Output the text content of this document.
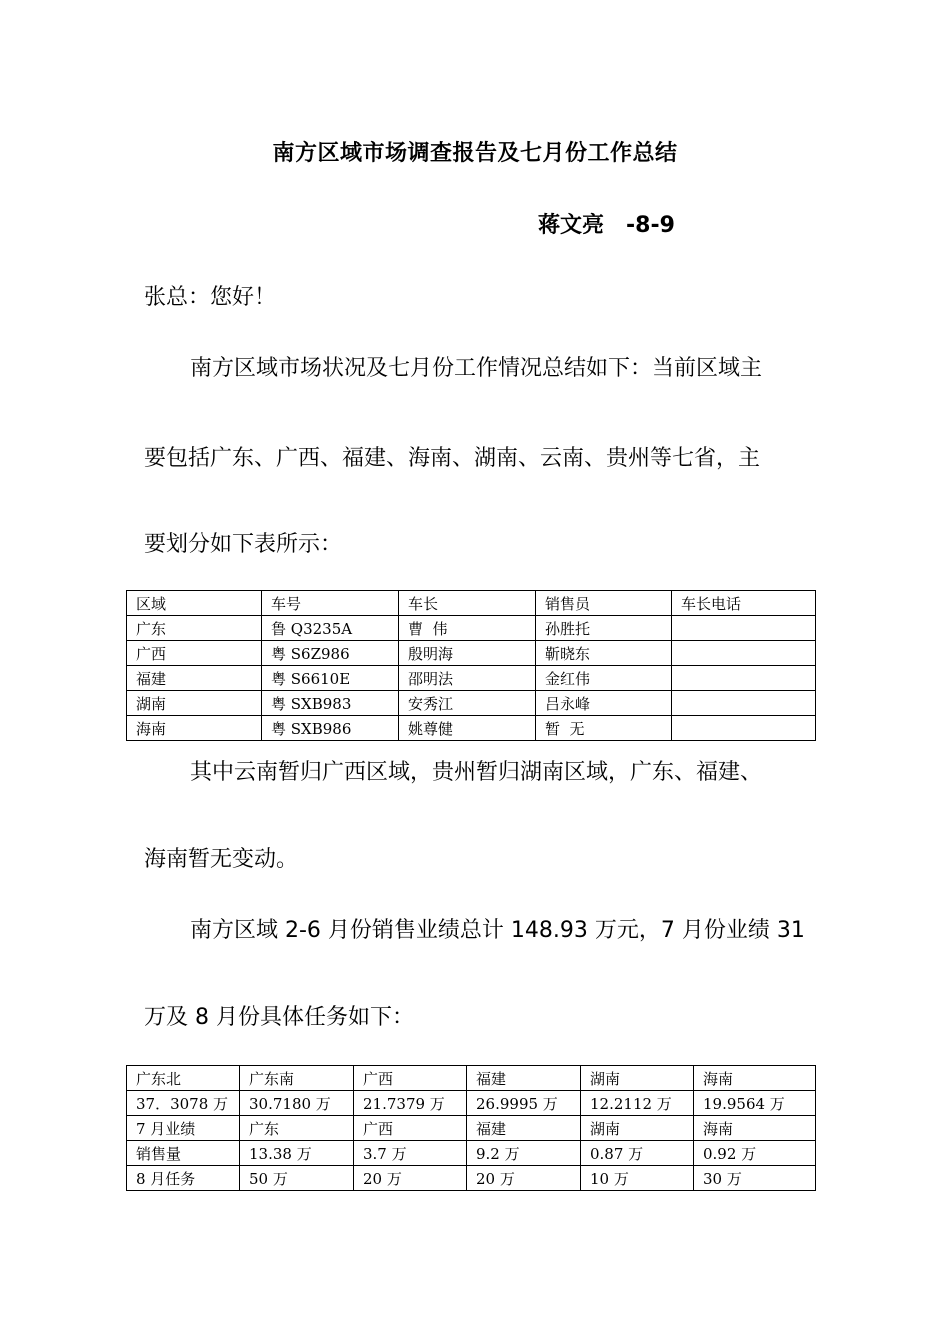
南方区域市场调查报告及七月份工作总结
蒋文亮 -8-9
张总：您好！
南方区域市场状况及七月份工作情况总结如下：当前区域主
要包括广东、广西、福建、海南、湖南、云南、贵州等七省，主
要划分如下表所示：
区域	车号	车长	销售员	车长电话
广东	鲁 Q3235A	曹  伟	孙胜托	
广西	粤 S6Z986	殷明海	靳晓东	
福建	粤 S6610E	邵明法	金红伟	
湖南	粤 SXB983	安秀江	吕永峰	
海南	粤 SXB986	姚尊健	暂  无	
其中云南暂归广西区域，贵州暂归湖南区域，广东、福建、
海南暂无变动。
南方区域 2-6 月份销售业绩总计 148.93 万元，7 月份业绩 31
万及 8 月份具体任务如下：
广东北	广东南	广西	福建	湖南	海南
37．3078 万	30.7180 万	21.7379 万	26.9995 万	12.2112 万	19.9564 万
7 月业绩	广东	广西	福建	湖南	海南
销售量	13.38 万	3.7 万	9.2 万	0.87 万	0.92 万
8 月任务	50 万	20 万	20 万	10 万	30 万
